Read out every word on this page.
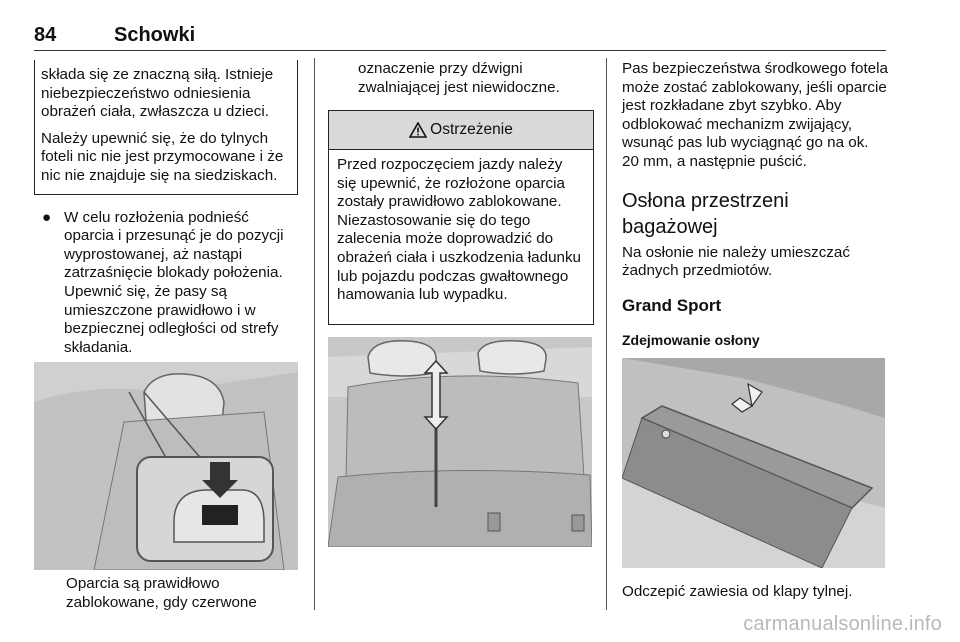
84	Schowki

składa się ze znaczną siłą. Istnieje niebezpieczeństwo odniesienia obrażeń ciała, zwłaszcza u dzieci.

Należy upewnić się, że do tylnych foteli nic nie jest przymocowane i że nic nie znajduje się na siedziskach.

● W celu rozłożenia podnieść oparcia i przesunąć je do pozycji wyprostowanej, aż nastąpi zatrzaśnięcie blokady położenia. Upewnić się, że pasy są umieszczone prawidłowo i w bezpiecznej odległości od strefy składania.

Oparcia są prawidłowo zablokowane, gdy czerwone

oznaczenie przy dźwigni zwalniającej jest niewidoczne.

Ostrzeżenie
Przed rozpoczęciem jazdy należy się upewnić, że rozłożone oparcia zostały prawidłowo zablokowane. Niezastosowanie się do tego zalecenia może doprowadzić do obrażeń ciała i uszkodzenia ładunku lub pojazdu podczas gwałtownego hamowania lub wypadku.

Pas bezpieczeństwa środkowego fotela może zostać zablokowany, jeśli oparcie jest rozkładane zbyt szybko. Aby odblokować mechanizm zwijający, wsunąć pas lub wyciągnąć go na ok. 20 mm, a następnie puścić.

Osłona przestrzeni bagażowej

Na osłonie nie należy umieszczać żadnych przedmiotów.

Grand Sport
Zdejmowanie osłony
Odczepić zawiesia od klapy tylnej.
carmanualsonline.info
